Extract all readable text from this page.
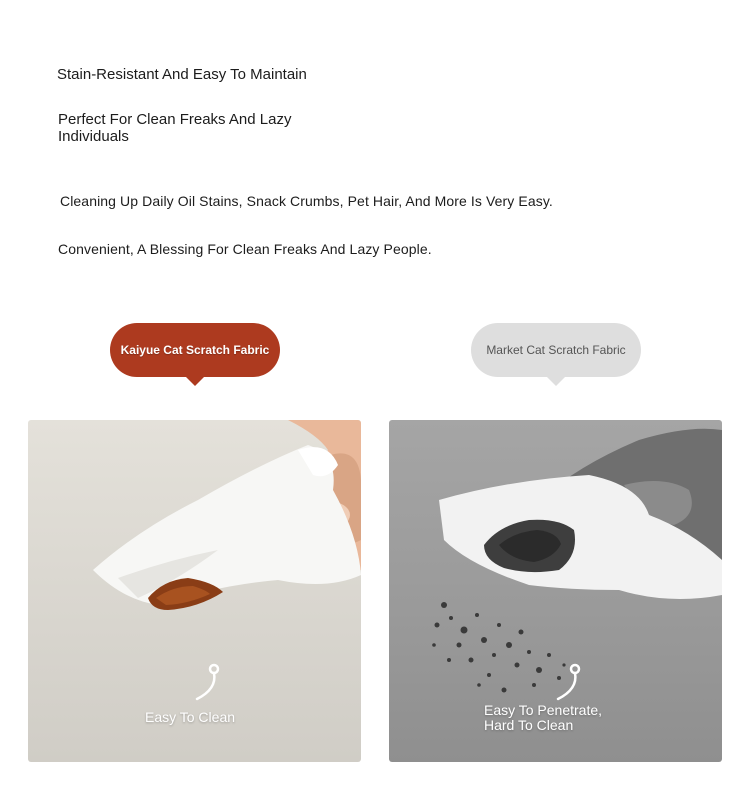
Stain-Resistant And Easy To Maintain
Perfect For Clean Freaks And Lazy Individuals

Cleaning Up Daily Oil Stains, Snack Crumbs, Pet Hair, And More Is Very Easy.

Convenient, A Blessing For Clean Freaks And Lazy People.

Kaiyue Cat Scratch Fabric	Market Cat Scratch Fabric
Easy To Clean	Easy To Penetrate, Hard To Clean
